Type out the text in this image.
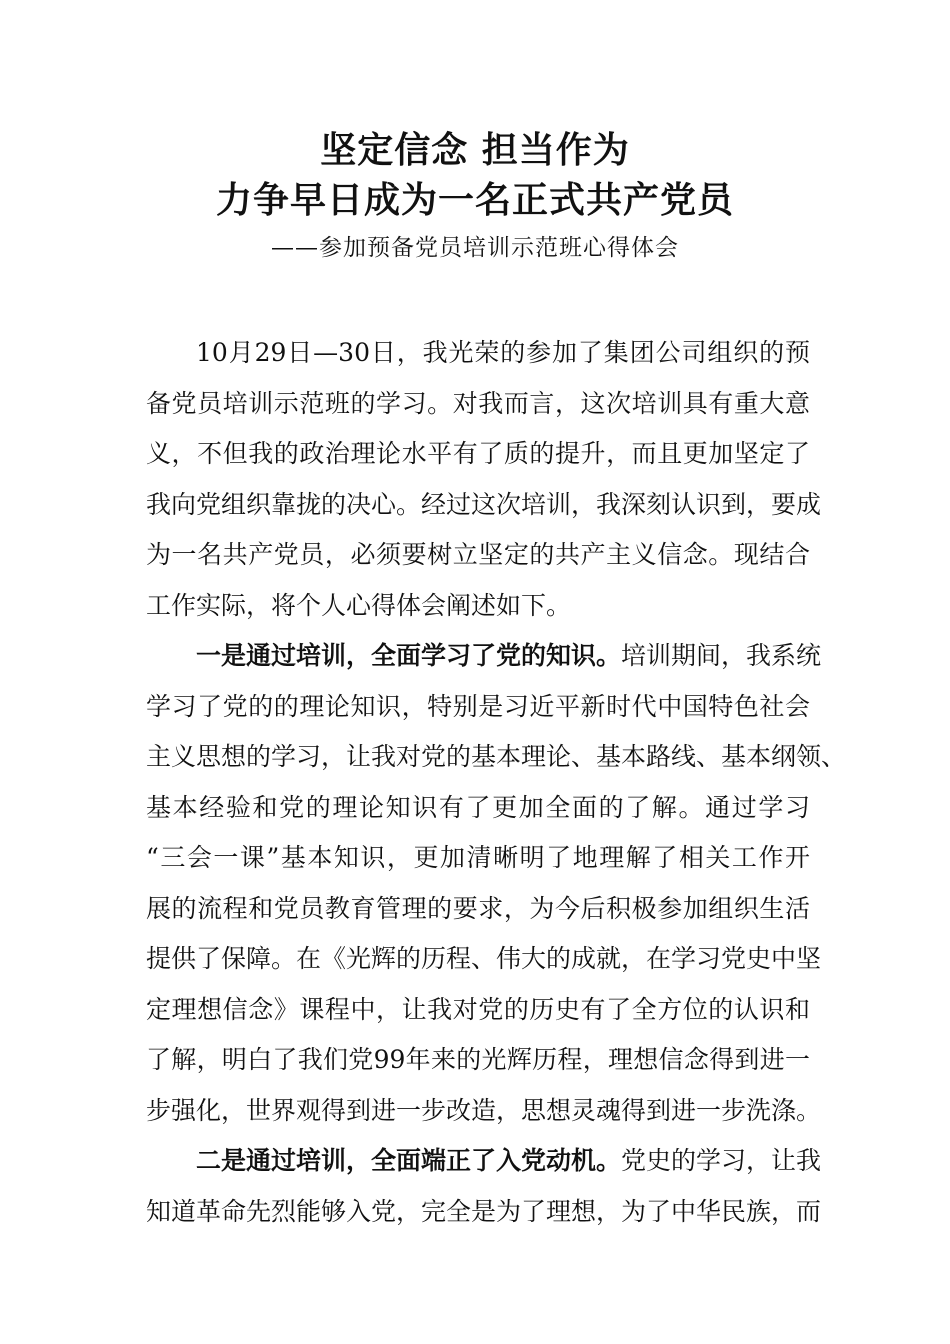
坚定信念 担当作为
力争早日成为一名正式共产党员
——参加预备党员培训示范班心得体会
10月29日—30日，我光荣的参加了集团公司组织的预
备党员培训示范班的学习。对我而言，这次培训具有重大意
义，不但我的政治理论水平有了质的提升，而且更加坚定了
我向党组织靠拢的决心。经过这次培训，我深刻认识到，要成
为一名共产党员，必须要树立坚定的共产主义信念。现结合
工作实际，将个人心得体会阐述如下。
一是通过培训，全面学习了党的知识。培训期间，我系统
学习了党的的理论知识，特别是习近平新时代中国特色社会
主义思想的学习，让我对党的基本理论、基本路线、基本纲领、
基本经验和党的理论知识有了更加全面的了解。通过学习
“三会一课”基本知识，更加清晰明了地理解了相关工作开
展的流程和党员教育管理的要求，为今后积极参加组织生活
提供了保障。在《光辉的历程、伟大的成就，在学习党史中坚
定理想信念》课程中，让我对党的历史有了全方位的认识和
了解，明白了我们党99年来的光辉历程，理想信念得到进一
步强化，世界观得到进一步改造，思想灵魂得到进一步洗涤。
二是通过培训，全面端正了入党动机。党史的学习，让我
知道革命先烈能够入党，完全是为了理想，为了中华民族，而
